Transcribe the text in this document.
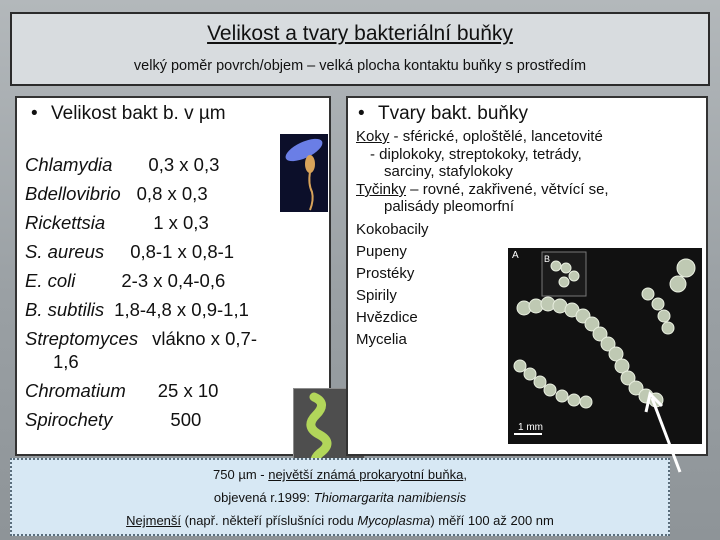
Velikost a tvary bakteriální buňky
velký poměr povrch/objem – velká plocha kontaktu buňky s prostředím
• Velikost bakt b. v µm
Chlamydia 0,3 x 0,3
Bdellovibrio 0,8 x 0,3
Rickettsia	1 x 0,3
S. aureus 0,8-1 x 0,8-1
E. coli 2-3 x 0,4-0,6
B. subtilis 1,8-4,8 x 0,9-1,1
Streptomyces vlákno x 0,7-
1,6
Chromatium 25 x 10
Spirochety	500
• Tvary bakt. buňky
Koky - sférické, oploštělé, lancetovité
- diplokoky, streptokoky, tetrády,
sarciny, stafylokoky
Tyčinky – rovné, zakřivené, větvící se,
palisády pleomorfní
Kokobacily
Pupeny
Prostéky
Spirily
Hvězdice
Mycelia
A	B
1 mm
750 µm - největší známá prokaryotní buňka,
objevená r.1999: Thiomargarita namibiensis
Nejmenší (např. někteří příslušníci rodu Mycoplasma) měří 100 až 200 nm
